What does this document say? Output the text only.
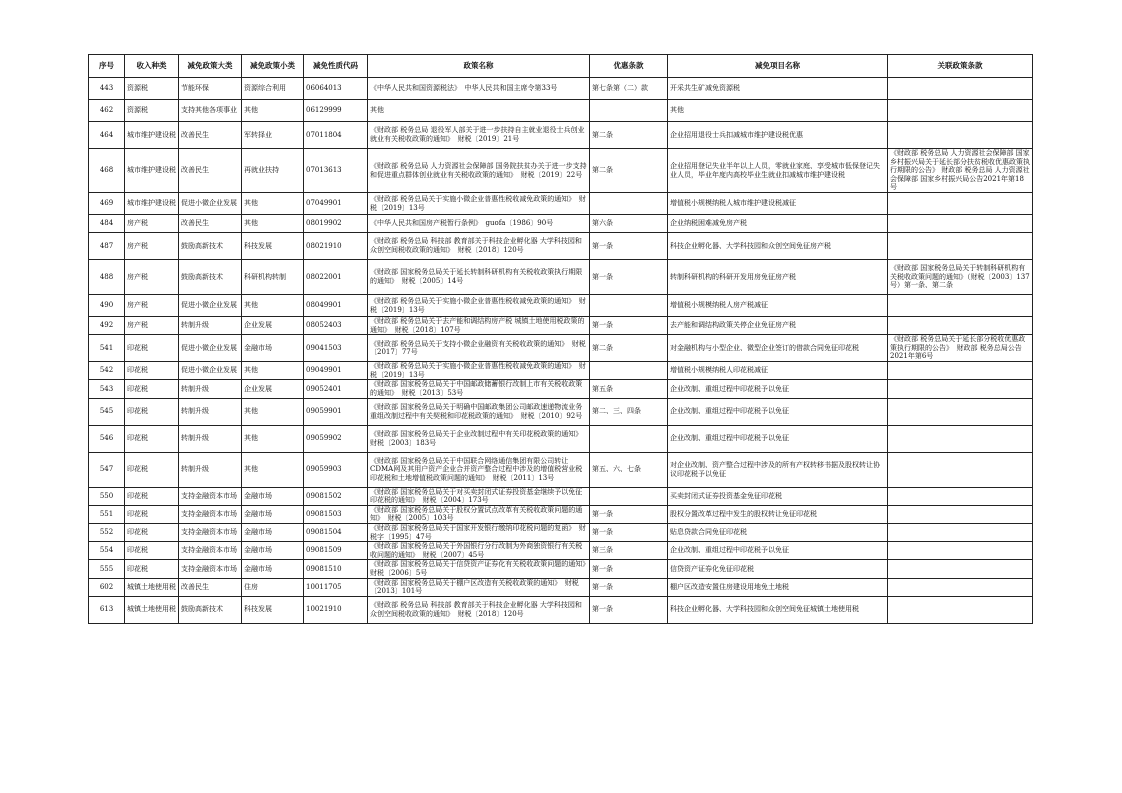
序号	收入种类	减免政策大类	减免政策小类	减免性质代码	政策名称	优惠条款	减免项目名称	关联政策条款
443	资源税	节能环保	资源综合利用	06064013	《中华人民共和国资源税法》　中华人民共和国主席令第33号	第七条第（二）款	开采共生矿减免资源税	
462	资源税	支持其他各项事业	其他	06129999	其他		其他	
464	城市维护建设税	改善民生	军转择业	07011804	《财政部 税务总局 退役军人部关于进一步扶持自主就业退役士兵创业就业有关税收政策的通知》　财税〔2019〕21号	第二条	企业招用退役士兵扣减城市维护建设税优惠	
468	城市维护建设税	改善民生	再就业扶持	07013613	《财政部 税务总局 人力资源社会保障部 国务院扶贫办关于进一步支持和促进重点群体创业就业有关税收政策的通知》　财税〔2019〕22号	第二条	企业招用登记失业半年以上人员，零就业家庭、享受城市低保登记失业人员，毕业年度内高校毕业生就业扣减城市维护建设税	《财政部 税务总局 人力资源社会保障部 国家乡村振兴局关于延长部分扶贫税收优惠政策执行期限的公告》 财政部 税务总局 人力资源社会保障部 国家乡村振兴局公告2021年第18号
469	城市维护建设税	促进小微企业发展	其他	07049901	《财政部 税务总局关于实施小微企业普惠性税收减免政策的通知》　财税〔2019〕13号		增值税小规模纳税人城市维护建设税减征	
484	房产税	改善民生	其他	08019902	《中华人民共和国房产税暂行条例》　guofa〔1986〕90号	第六条	企业纳税困难减免房产税	
487	房产税	鼓励高新技术	科技发展	08021910	《财政部 税务总局 科技部 教育部关于科技企业孵化器 大学科技园和众创空间税收政策的通知》　财税〔2018〕120号	第一条	科技企业孵化器、大学科技园和众创空间免征房产税	
488	房产税	鼓励高新技术	科研机构转制	08022001	《财政部 国家税务总局关于延长转制科研机构有关税收政策执行期限的通知》　财税〔2005〕14号	第一条	转制科研机构的科研开发用房免征房产税	《财政部 国家税务总局关于转制科研机构有关税收政策问题的通知》（财税〔2003〕137号）第一条、第二条
490	房产税	促进小微企业发展	其他	08049901	《财政部 税务总局关于实施小微企业普惠性税收减免政策的通知》　财税〔2019〕13号		增值税小规模纳税人房产税减征	
492	房产税	转制升级	企业发展	08052403	《财政部 税务总局关于去产能和调结构房产税 城镇土地使用税政策的通知》　财税〔2018〕107号	第一条	去产能和调结构政策关停企业免征房产税	
541	印花税	促进小微企业发展	金融市场	09041503	《财政部 税务总局关于支持小微企业融资有关税收政策的通知》　财税〔2017〕77号	第二条	对金融机构与小型企业、微型企业签订的借款合同免征印花税	《财政部 税务总局关于延长部分税收优惠政策执行期限的公告》　财政部 税务总局公告2021年第6号
542	印花税	促进小微企业发展	其他	09049901	《财政部 税务总局关于实施小微企业普惠性税收减免政策的通知》　财税〔2019〕13号		增值税小规模纳税人印花税减征	
543	印花税	转制升级	企业发展	09052401	《财政部 国家税务总局关于中国邮政储蓄银行改制上市有关税收政策的通知》　财税〔2013〕53号	第五条	企业改制、重组过程中印花税予以免征	
545	印花税	转制升级	其他	09059901	《财政部 国家税务总局关于明确中国邮政集团公司邮政速递物流业务重组改制过程中有关契税和印花税政策的通知》　财税〔2010〕92号	第二、三、四条	企业改制、重组过程中印花税予以免征	
546	印花税	转制升级	其他	09059902	《财政部 国家税务总局关于企业改制过程中有关印花税政策的通知》　财税〔2003〕183号		企业改制、重组过程中印花税予以免征	
547	印花税	转制升级	其他	09059903	《财政部 国家税务总局关于中国联合网络通信集团有限公司转让CDMA网及其用户资产企业合并资产整合过程中涉及的增值税营业税印花税和土地增值税政策问题的通知》　财税〔2011〕13号	第五、六、七条	对企业改制、资产整合过程中涉及的所有产权转移书据及股权转让协议印花税予以免征	
550	印花税	支持金融资本市场	金融市场	09081502	《财政部 国家税务总局关于对买卖封闭式证券投资基金继续予以免征印花税的通知》　财税〔2004〕173号		买卖封闭式证券投资基金免征印花税	
551	印花税	支持金融资本市场	金融市场	09081503	《财政部 国家税务总局关于股权分置试点改革有关税收政策问题的通知》　财税〔2005〕103号	第一条	股权分置改革过程中发生的股权转让免征印花税	
552	印花税	支持金融资本市场	金融市场	09081504	《财政部 国家税务总局关于国家开发银行缴纳印花税问题的复函》　财税字〔1995〕47号	第一条	贴息贷款合同免征印花税	
554	印花税	支持金融资本市场	金融市场	09081509	《财政部 国家税务总局关于外国银行分行改制为外商独资银行有关税收问题的通知》　财税〔2007〕45号	第三条	企业改制、重组过程中印花税予以免征	
555	印花税	支持金融资本市场	金融市场	09081510	《财政部 国家税务总局关于信贷资产证券化有关税收政策问题的通知》　财税〔2006〕5号	第一条	信贷资产证券化免征印花税	
602	城镇土地使用税	改善民生	住房	10011705	《财政部 国家税务总局关于棚户区改造有关税收政策的通知》　财税〔2013〕101号	第一条	棚户区改造安置住房建设用地免土地税	
613	城镇土地使用税	鼓励高新技术	科技发展	10021910	《财政部 税务总局 科技部 教育部关于科技企业孵化器 大学科技园和众创空间税收政策的通知》　财税〔2018〕120号	第一条	科技企业孵化器、大学科技园和众创空间免征城镇土地使用税	
